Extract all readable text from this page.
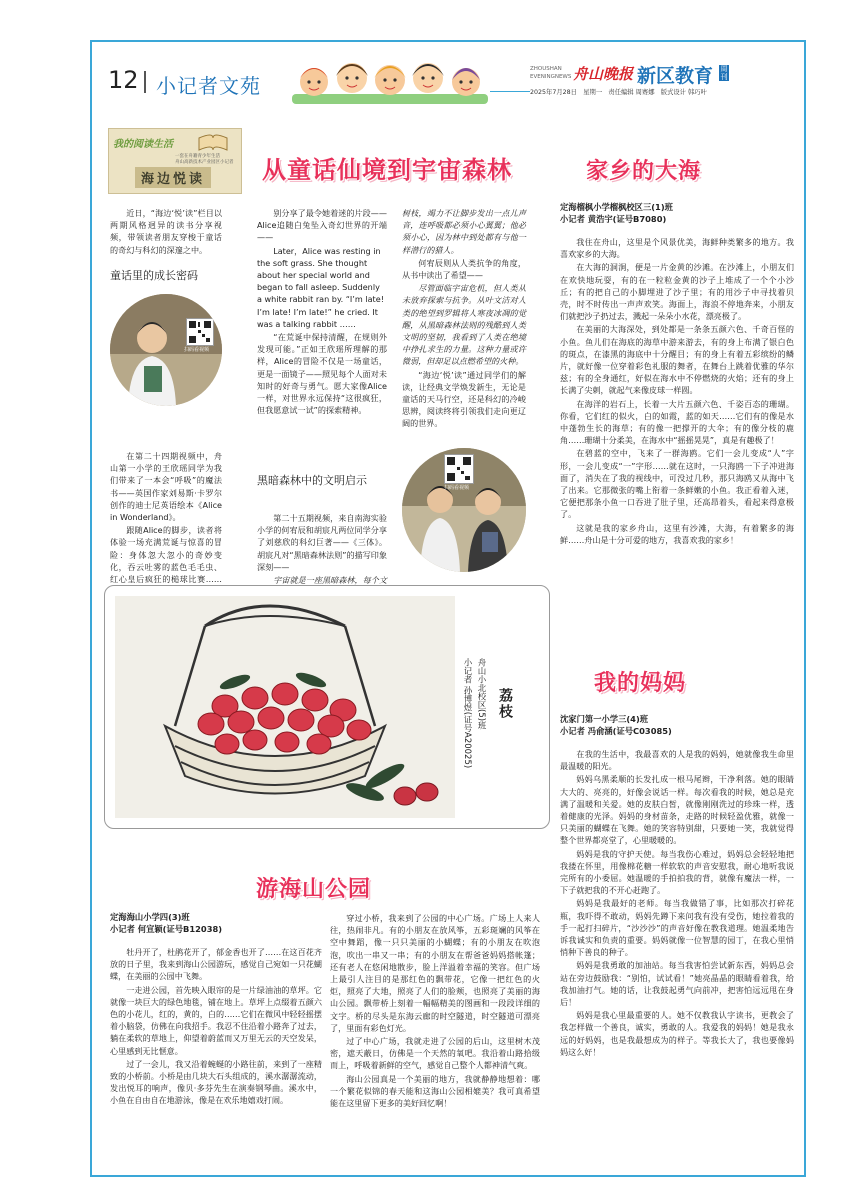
12 小记者文苑
ZHOUSHAN
EVENINGNEWS 舟山晚报 新区教育 周刊
2025年7月28日　星期一　责任编辑 周赛娜　版式设计 韩巧叶
我的阅读生活
一套在舟籍青少年生活
舟山高新技术产业园区小记者
海边悦读 从童话仙境到宇宙森林

近日，“海边‘悦’读”栏目以两期风格迥异的读书分享视频，带领读者朋友穿梭于童话的奇幻与科幻的深邃之中。

童话里的成长密码
扫码看视频

在第二十四期视频中，舟山第一小学的王欣瑶同学为我们带来了一本会“呼吸”的魔法书——英国作家刘易斯·卡罗尔创作的迪士尼英语绘本《Alice in Wonderland》。

跟随Alice的脚步，读者将体验一场充满荒诞与惊喜的冒险：身体忽大忽小的奇妙变化，吞云吐雾的蓝色毛毛虫、红心皇后疯狂的槌球比赛……

别分享了最令她着迷的片段——Alice追随白兔坠入奇幻世界的开端——

Later，Alice was resting in the soft grass. She thought about her special world and began to fall asleep. Suddenly a white rabbit ran by. “I’m late! I’m late! I’m late!” he cried. It was a talking rabbit ……

“在荒诞中保持清醒，在规则外发现可能。”正如王欣瑶所理解的那样，Alice的冒险不仅是一场童话，更是一面镜子——照见每个人面对未知时的好奇与勇气。愿大家像Alice一样，对世界永远保持“这很疯狂，但我愿意试一试”的探索精神。

黑暗森林中的文明启示

第二十五期视频，来自南海实验小学的何宥辰和胡宸凡两位同学分享了刘慈欣的科幻巨著——《三体》。胡宸凡对“黑暗森林法则”的描写印象深刻——

宇宙就是一座黑暗森林，每个文

树枝，竭力不让脚步发出一点儿声音，连呼吸都必须小心翼翼；他必须小心，因为林中到处都有与他一样潜行的猎人。

何宥辰则从人类抗争的角度，从书中读出了希望——

尽管面临宇宙危机，但人类从未放弃探索与抗争。从叶文洁对人类的绝望到罗辑将人寒夜冰凋的觉醒，从黑暗森林法则的残酷到人类文明的坚韧，我看到了人类在绝境中挣扎求生的力量。这种力量或许微弱，但却足以点燃希望的火种。

“海边‘悦’读”通过同学们的解读，让经典文学焕发新生，无论是童话的天马行空，还是科幻的冷峻思辨，阅读终将引领我们走向更辽阔的世界。

扫码看视频
荔枝
舟山小北校区(5)班
小记者 孙博煜(证号A20025)
游海山公园
定海海山小学四(3)班
小记者 何宣颖(证号B12038)

牡丹开了，杜鹃花开了，郁金香也开了……在这百花齐放的日子里，我来到海山公园游玩，感觉自己宛如一只花蝴蝶，在美丽的公园中飞舞。

一走进公园，首先映入眼帘的是一片绿油油的草坪。它就像一块巨大的绿色地毯，铺在地上。草坪上点缀着五颜六色的小花儿，红的，黄的，白的……它们在微风中轻轻摇摆着小脑袋，仿佛在向我招手。我忍不住沿着小路奔了过去，躺在柔软的草地上，仰望着蔚蓝而又万里无云的天空发呆，心里感到无比惬意。

过了一会儿，我又沿着蜿蜒的小路往前，来到了一座精致的小桥前。小桥是由几块大石头组成的，溪水潺潺流动，发出悦耳的响声，像贝·多芬先生在演奏钢琴曲。溪水中，小鱼在自由自在地游泳，像是在欢乐地嬉戏打闹。

穿过小桥，我来到了公园的中心广场。广场上人来人往，热闹非凡。有的小朋友在放风筝，五彩斑斓的风筝在空中舞蹈，像一只只美丽的小蝴蝶；有的小朋友在吹泡泡，吹出一串又一串；有的小朋友在帮爸爸妈妈搭帐篷；还有老人在悠闲地散步，脸上洋溢着幸福的笑容。但广场上最引人注目的是那红色的飘带花，它像一把红色的火炬，照亮了大地，照亮了人们的脸颊，也照亮了美丽的海山公园。飘带桥上刻着一幅幅精美的图画和一段段详细的文字。桥的尽头是东海云廊的时空隧道，时空隧道可漂亮了，里面有彩色灯光。

过了中心广场，我就走进了公园的后山，这里树木茂密，遮天蔽日，仿佛是一个天然的氧吧。我沿着山路拾级而上，呼吸着新鲜的空气，感觉自己整个人都神清气爽。

海山公园真是一个美丽的地方，我就静静地想着：哪一个繁花似锦的春天能和这海山公园相媲美？我可真希望能在这里留下更多的美好回忆啊！

家乡的大海
定海榴枫小学榴枫校区三(1)班
小记者 黄浩宇(证号B7080)

我住在舟山，这里是个风景优美，海鲜种类繁多的地方。我喜欢家乡的大海。

在大海的洞涧，便是一片金黄的沙滩。在沙滩上，小朋友们在欢快地玩耍，有的在一粒粒金黄的沙子上堆成了一个个小沙丘；有的把自己的小脚埋进了沙子里；有的用沙子中寻找着贝壳，时不时传出一声声欢笑。海面上，海浪不停地奔来，小朋友们就把沙子扔过去，溅起一朵朵小水花，漂亮极了。

在美丽的大海深处，到处都是一条条五颜六色、千奇百怪的小鱼。鱼儿们在海底的海草中游来游去，有的身上布满了银白色的斑点，在漆黑的海底中十分醒目；有的身上有着五彩缤纷的鳞片，就好像一位穿着彩色礼服的舞者，在舞台上跳着优雅的华尔兹；有的全身通红，好似在海水中不停燃烧的火焰；还有的身上长满了尖刺，就起气来像皮球一样圆。

在海洋的岩石上，长着一大片五颜六色、千姿百态的珊瑚。你看，它们红的似火，白的如霞，蓝的如天……它们有的像是水中蓬勃生长的海草；有的像一把撑开的大伞；有的像分枝的鹿角……珊瑚十分柔美，在海水中“摇摇晃晃”，真是有趣极了！

在碧蓝的空中，飞来了一群海鸥。它们一会儿变成“人”字形，一会儿变成“一”字形……就在这时，一只海鸥一下子冲进海面了，消失在了我的视线中，可没过几秒，那只海鸥又从海中飞了出来。它那微张的嘴上衔着一条鲜嫩的小鱼。我正看着入迷，它便把那条小鱼一口吞进了肚子里，还高昂着头，看起来得意极了。

这就是我的家乡舟山，这里有沙滩，大海，有着繁多的海鲜……舟山是十分可爱的地方，我喜欢我的家乡！

我的妈妈
沈家门第一小学三(4)班
小记者 冯俞涵(证号C03085)

在我的生活中，我最喜欢的人是我的妈妈，她就像我生命里最温暖的阳光。

妈妈乌黑柔顺的长发扎成一根马尾辫，干净利落。她的眼睛大大的、亮亮的，好像会说话一样。每次看我的时候，她总是充满了温暖和关爱。她的皮肤白皙，就像刚刚洗过的珍珠一样，透着健康的光泽。妈妈的身材苗条，走路的时候轻盈优雅，就像一只美丽的蝴蝶在飞舞。她的笑容特别甜，只要她一笑，我就觉得整个世界都亮堂了，心里暖暖的。

妈妈是我的守护天使。每当我伤心难过，妈妈总会轻轻地把我搂在怀里，用像棉花糖一样软软的声音安慰我，耐心地听我说完所有的小委屈。她温暖的手拍拍我的背，就像有魔法一样，一下子就把我的不开心赶跑了。

妈妈是我最好的老师。每当我做错了事，比如那次打碎花瓶，我吓得不敢动，妈妈先蹲下来问我有没有受伤，她拉着我的手一起打扫碎片，“沙沙沙”的声音好像在教我道理。她温柔地告诉我诚实和负责的重要。妈妈就像一位智慧的园丁，在我心里悄悄种下善良的种子。

妈妈是我勇敢的加油站。每当我害怕尝试新东西，妈妈总会站在旁边鼓励我：“别怕，试试看！”她亮晶晶的眼睛看着我，给我加油打气。她的话，让我鼓起勇气向前冲，把害怕远远甩在身后！

妈妈是我心里最重要的人。她不仅教我认字读书，更教会了我怎样做一个善良，诚实，勇敢的人。我爱我的妈妈！她是我永远的好妈妈，也是我最想成为的样子。等我长大了，我也要像妈妈这么好！
